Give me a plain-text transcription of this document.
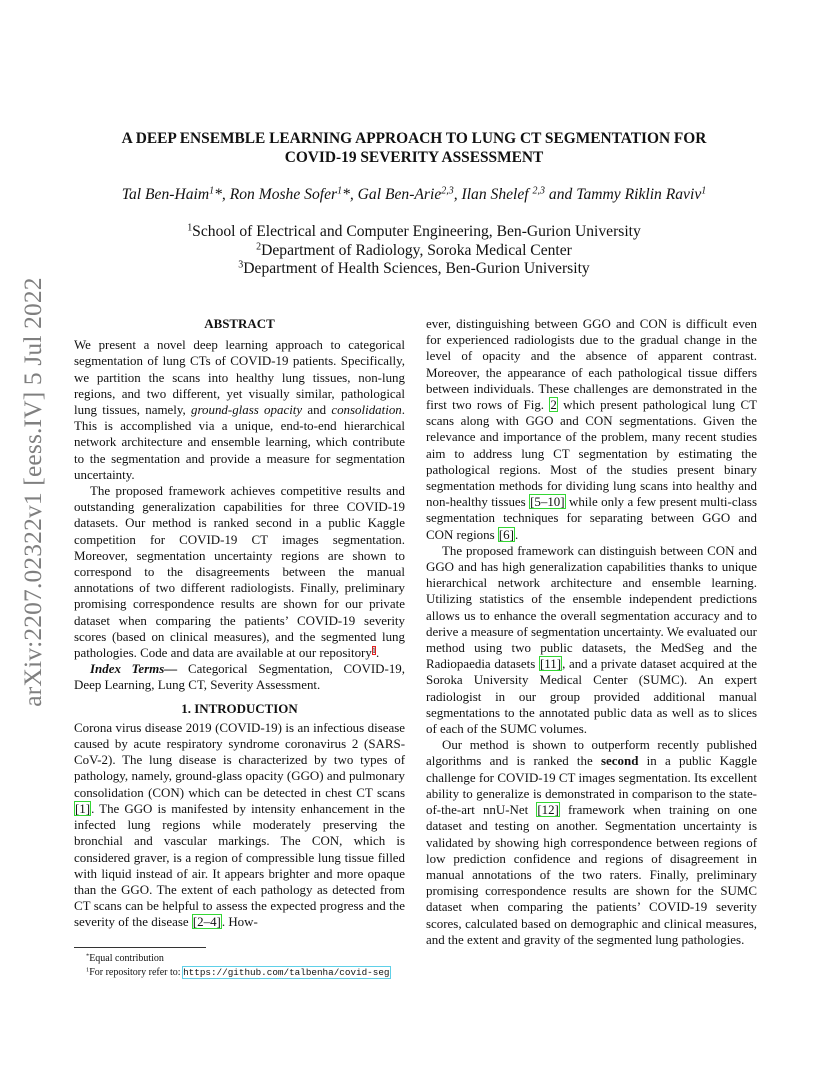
arXiv:2207.02322v1 [eess.IV] 5 Jul 2022
A DEEP ENSEMBLE LEARNING APPROACH TO LUNG CT SEGMENTATION FOR
COVID-19 SEVERITY ASSESSMENT
Tal Ben-Haim$^1$*, Ron Moshe Sofer$^1$*, Gal Ben-Arie$^{2,3}$, Ilan Shelef $^{2,3}$ and Tammy Riklin Raviv$^1$
$^1$School of Electrical and Computer Engineering, Ben-Gurion University
$^2$Department of Radiology, Soroka Medical Center
$^3$Department of Health Sciences, Ben-Gurion University
ABSTRACT

We present a novel deep learning approach to categorical segmentation of lung CTs of COVID-19 patients. Specifically, we partition the scans into healthy lung tissues, non-lung regions, and two different, yet visually similar, pathological lung tissues, namely, ground-glass opacity and consolidation. This is accomplished via a unique, end-to-end hierarchical network architecture and ensemble learning, which contribute to the segmentation and provide a measure for segmentation uncertainty.

The proposed framework achieves competitive results and outstanding generalization capabilities for three COVID-19 datasets. Our method is ranked second in a public Kaggle competition for COVID-19 CT images segmentation. Moreover, segmentation uncertainty regions are shown to correspond to the disagreements between the manual annotations of two different radiologists. Finally, preliminary promising correspondence results are shown for our private dataset when comparing the patients’ COVID-19 severity scores (based on clinical measures), and the segmented lung pathologies. Code and data are available at our repository$^1$.

Index Terms— Categorical Segmentation, COVID-19, Deep Learning, Lung CT, Severity Assessment.

1. INTRODUCTION

Corona virus disease 2019 (COVID-19) is an infectious disease caused by acute respiratory syndrome coronavirus 2 (SARS-CoV-2). The lung disease is characterized by two types of pathology, namely, ground-glass opacity (GGO) and pulmonary consolidation (CON) which can be detected in chest CT scans [1]. The GGO is manifested by intensity enhancement in the infected lung regions while moderately preserving the bronchial and vascular markings. The CON, which is considered graver, is a region of compressible lung tissue filled with liquid instead of air. It appears brighter and more opaque than the GGO. The extent of each pathology as detected from CT scans can be helpful to assess the expected progress and the severity of the disease [2–4]. How-

ever, distinguishing between GGO and CON is difficult even for experienced radiologists due to the gradual change in the level of opacity and the absence of apparent contrast. Moreover, the appearance of each pathological tissue differs between individuals. These challenges are demonstrated in the first two rows of Fig. 2 which present pathological lung CT scans along with GGO and CON segmentations. Given the relevance and importance of the problem, many recent studies aim to address lung CT segmentation by estimating the pathological regions. Most of the studies present binary segmentation methods for dividing lung scans into healthy and non-healthy tissues [5–10] while only a few present multi-class segmentation techniques for separating between GGO and CON regions [6].

The proposed framework can distinguish between CON and GGO and has high generalization capabilities thanks to unique hierarchical network architecture and ensemble learning. Utilizing statistics of the ensemble independent predictions allows us to enhance the overall segmentation accuracy and to derive a measure of segmentation uncertainty. We evaluated our method using two public datasets, the MedSeg and the Radiopaedia datasets [11], and a private dataset acquired at the Soroka University Medical Center (SUMC). An expert radiologist in our group provided additional manual segmentations to the annotated public data as well as to slices of each of the SUMC volumes.

Our method is shown to outperform recently published algorithms and is ranked the second in a public Kaggle challenge for COVID-19 CT images segmentation. Its excellent ability to generalize is demonstrated in comparison to the state-of-the-art nnU-Net [12] framework when training on one dataset and testing on another. Segmentation uncertainty is validated by showing high correspondence between regions of low prediction confidence and regions of disagreement in manual annotations of the two raters. Finally, preliminary promising correspondence results are shown for the SUMC dataset when comparing the patients’ COVID-19 severity scores, calculated based on demographic and clinical measures, and the extent and gravity of the segmented lung pathologies.

*Equal contribution
$^1$For repository refer to: https://github.com/talbenha/covid-seg
